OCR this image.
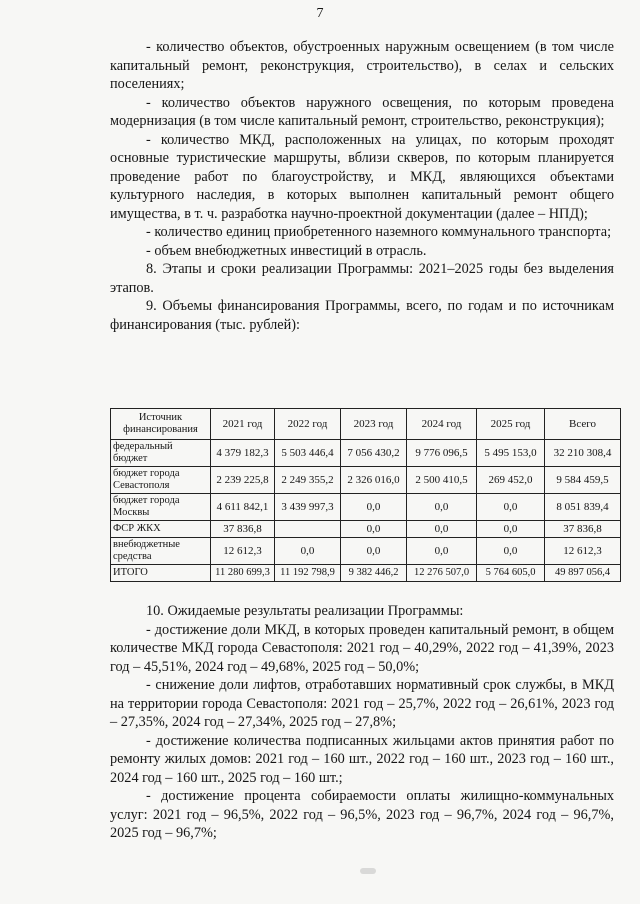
7

- количество объектов, обустроенных наружным освещением (в том числе капитальный ремонт, реконструкция, строительство), в селах и сельских поселениях;

- количество объектов наружного освещения, по которым проведена модернизация (в том числе капитальный ремонт, строительство, реконструкция);

- количество МКД, расположенных на улицах, по которым проходят основные туристические маршруты, вблизи скверов, по которым планируется проведение работ по благоустройству, и МКД, являющихся объектами культурного наследия, в которых выполнен капитальный ремонт общего имущества, в т. ч. разработка научно-проектной документации (далее – НПД);

- количество единиц приобретенного наземного коммунального транспорта;

- объем внебюджетных инвестиций в отрасль.

8. Этапы и сроки реализации Программы: 2021–2025 годы без выделения этапов.

9. Объемы финансирования Программы, всего, по годам и по источникам финансирования (тыс. рублей):

Источник финансирования	2021 год	2022 год	2023 год	2024 год	2025 год	Всего
федеральный бюджет	4 379 182,3	5 503 446,4	7 056 430,2	9 776 096,5	5 495 153,0	32 210 308,4
бюджет города Севастополя	2 239 225,8	2 249 355,2	2 326 016,0	2 500 410,5	269 452,0	9 584 459,5
бюджет города Москвы	4 611 842,1	3 439 997,3	0,0	0,0	0,0	8 051 839,4
ФСР ЖКХ	37 836,8		0,0	0,0	0,0	37 836,8
внебюджетные средства	12 612,3	0,0	0,0	0,0	0,0	12 612,3
ИТОГО	11 280 699,3	11 192 798,9	9 382 446,2	12 276 507,0	5 764 605,0	49 897 056,4

10. Ожидаемые результаты реализации Программы:

- достижение доли МКД, в которых проведен капитальный ремонт, в общем количестве МКД города Севастополя: 2021 год – 40,29%, 2022 год – 41,39%, 2023 год – 45,51%, 2024 год – 49,68%, 2025 год – 50,0%;

- снижение доли лифтов, отработавших нормативный срок службы, в МКД на территории города Севастополя: 2021 год – 25,7%, 2022 год – 26,61%, 2023 год – 27,35%, 2024 год – 27,34%, 2025 год – 27,8%;

- достижение количества подписанных жильцами актов принятия работ по ремонту жилых домов: 2021 год – 160 шт., 2022 год – 160 шт., 2023 год – 160 шт., 2024 год – 160 шт., 2025 год – 160 шт.;

- достижение процента собираемости оплаты жилищно-коммунальных услуг: 2021 год – 96,5%, 2022 год – 96,5%, 2023 год – 96,7%, 2024 год – 96,7%, 2025 год – 96,7%;
